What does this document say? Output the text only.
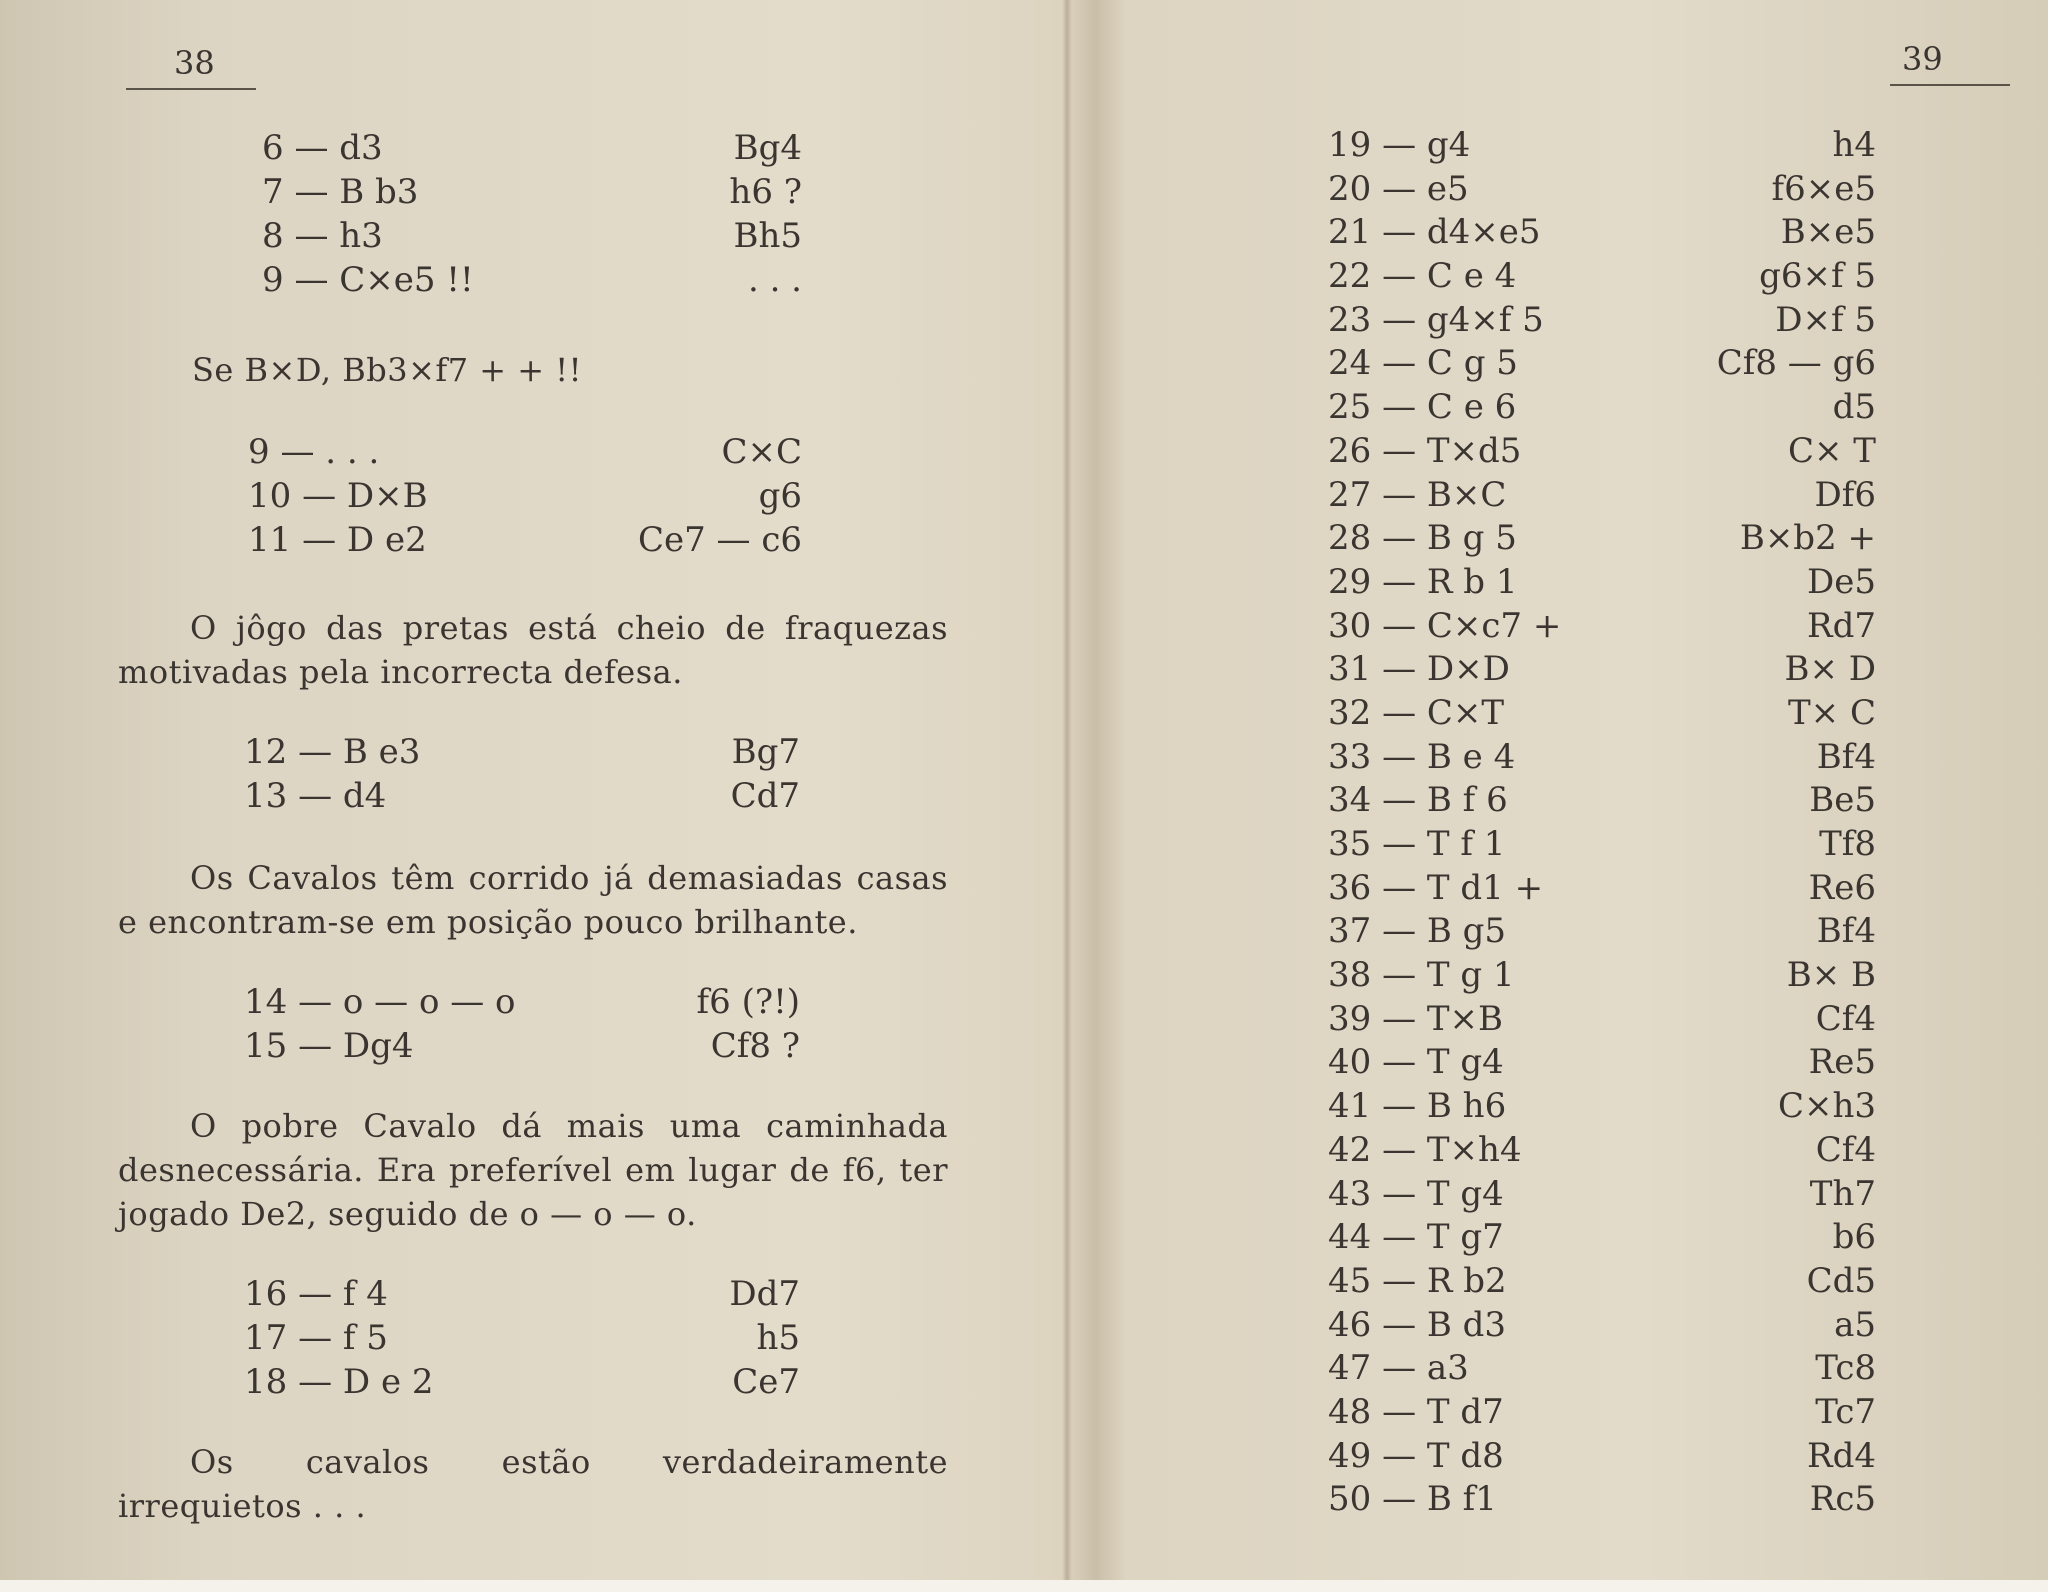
38
6 — d3	Bg4
7 — B b3	h6 ?
8 — h3	Bh5
9 — C×e5 !!	. . .
Se B×D, Bb3×f7 + + !!
9 — . . .	C×C
10 — D×B	g6
11 — D e2	Ce7 — c6

O jôgo das pretas está cheio de fraquezas motivadas pela incorrecta defesa.

12 — B e3	Bg7
13 — d4	Cd7

Os Cavalos têm corrido já demasiadas casas e encontram-se em posição pouco brilhante.

14 — o — o — o	f6 (?!)
15 — Dg4	Cf8 ?

O pobre Cavalo dá mais uma caminhada desnecessária. Era preferível em lugar de f6, ter jogado De2, seguido de o — o — o.

16 — f 4	Dd7
17 — f 5	h5
18 — D e 2	Ce7

Os cavalos estão verdadeiramente irrequietos . . .

39
19 — g4	h4
20 — e5	f6×e5
21 — d4×e5	B×e5
22 — C e 4	g6×f 5
23 — g4×f 5	D×f 5
24 — C g 5	Cf8 — g6
25 — C e 6	d5
26 — T×d5	C× T
27 — B×C	Df6
28 — B g 5	B×b2 +
29 — R b 1	De5
30 — C×c7 +	Rd7
31 — D×D	B× D
32 — C×T	T× C
33 — B e 4	Bf4
34 — B f 6	Be5
35 — T f 1	Tf8
36 — T d1 +	Re6
37 — B g5	Bf4
38 — T g 1	B× B
39 — T×B	Cf4
40 — T g4	Re5
41 — B h6	C×h3
42 — T×h4	Cf4
43 — T g4	Th7
44 — T g7	b6
45 — R b2	Cd5
46 — B d3	a5
47 — a3	Tc8
48 — T d7	Tc7
49 — T d8	Rd4
50 — B f1	Rc5
